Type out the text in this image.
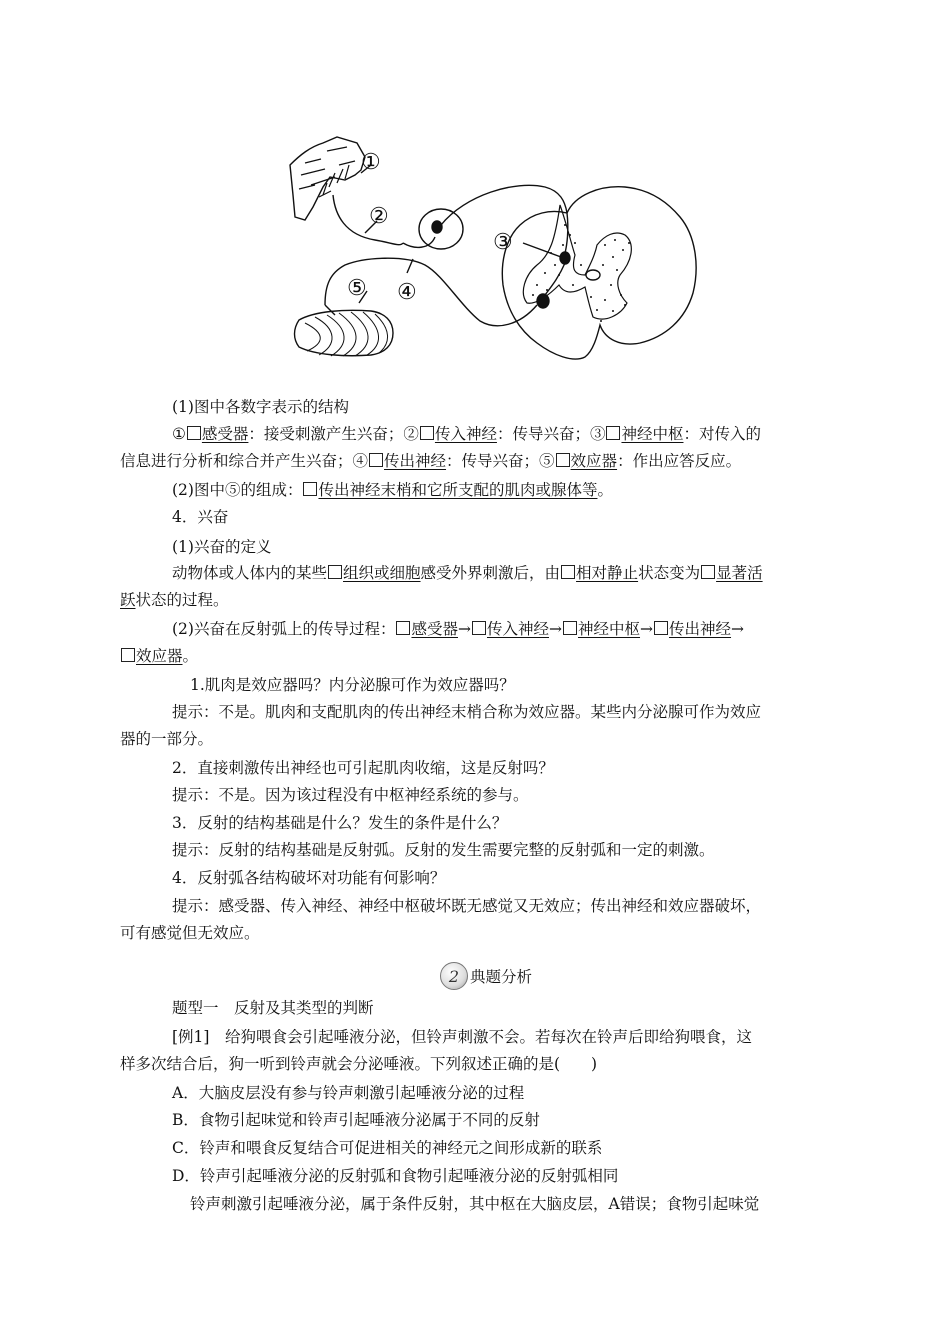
①
②
③
④
⑤
(1)图中各数字表示的结构
① 感受器：接受刺激产生兴奋；② 传入神经：传导兴奋；③ 神经中枢：对传入的
信息进行分析和综合并产生兴奋；④ 传出神经：传导兴奋；⑤ 效应器：作出应答反应。
(2)图中⑤的组成： 传出神经末梢和它所支配的肌肉或腺体等。
4．兴奋
(1)兴奋的定义
动物体或人体内的某些 组织或细胞感受外界刺激后，由 相对静止状态变为 显著活
跃状态的过程。
(2)兴奋在反射弧上的传导过程： 感受器→ 传入神经→ 神经中枢→ 传出神经→
效应器。
1.肌肉是效应器吗？内分泌腺可作为效应器吗？
提示：不是。肌肉和支配肌肉的传出神经末梢合称为效应器。某些内分泌腺可作为效应
器的一部分。
2．直接刺激传出神经也可引起肌肉收缩，这是反射吗？
提示：不是。因为该过程没有中枢神经系统的参与。
3．反射的结构基础是什么？发生的条件是什么？
提示：反射的结构基础是反射弧。反射的发生需要完整的反射弧和一定的刺激。
4．反射弧各结构破坏对功能有何影响？
提示：感受器、传入神经、神经中枢破坏既无感觉又无效应；传出神经和效应器破坏，
可有感觉但无效应。
2 典题分析
题型一　反射及其类型的判断
[例1]　给狗喂食会引起唾液分泌，但铃声刺激不会。若每次在铃声后即给狗喂食，这
样多次结合后，狗一听到铃声就会分泌唾液。下列叙述正确的是(　　)
A．大脑皮层没有参与铃声刺激引起唾液分泌的过程
B．食物引起味觉和铃声引起唾液分泌属于不同的反射
C．铃声和喂食反复结合可促进相关的神经元之间形成新的联系
D．铃声引起唾液分泌的反射弧和食物引起唾液分泌的反射弧相同
铃声刺激引起唾液分泌，属于条件反射，其中枢在大脑皮层，A错误；食物引起味觉
